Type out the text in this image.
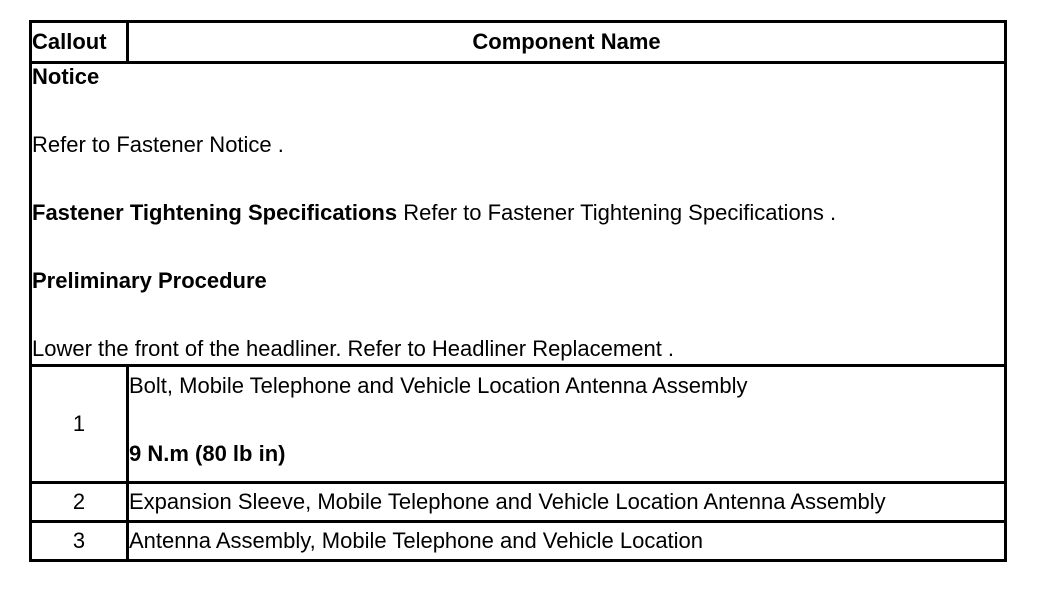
Callout	Component Name

Notice

Refer to Fastener Notice .

Fastener Tightening Specifications Refer to Fastener Tightening Specifications .

Preliminary Procedure

Lower the front of the headliner. Refer to Headliner Replacement .	

1	Bolt, Mobile Telephone and Vehicle Location Antenna Assembly
9 N.m (80 lb in)

2	Expansion Sleeve, Mobile Telephone and Vehicle Location Antenna Assembly
3	Antenna Assembly, Mobile Telephone and Vehicle Location
